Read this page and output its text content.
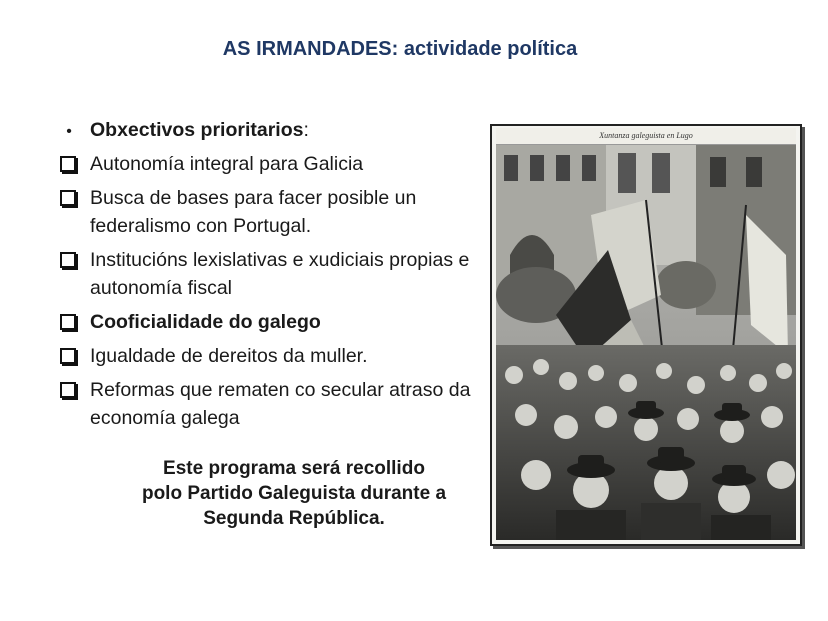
AS IRMANDADES: actividade política
• Obxectivos prioritarios:
Autonomía integral para Galicia
Busca de bases para facer posible un federalismo con Portugal.
Institucións lexislativas e xudiciais propias e autonomía fiscal
Cooficialidade do galego
Igualdade de dereitos da muller.
Reformas que rematen co secular atraso da economía galega
Este programa será recollido
polo Partido Galeguista durante a
Segunda República.
Xuntanza galeguista en Lugo
